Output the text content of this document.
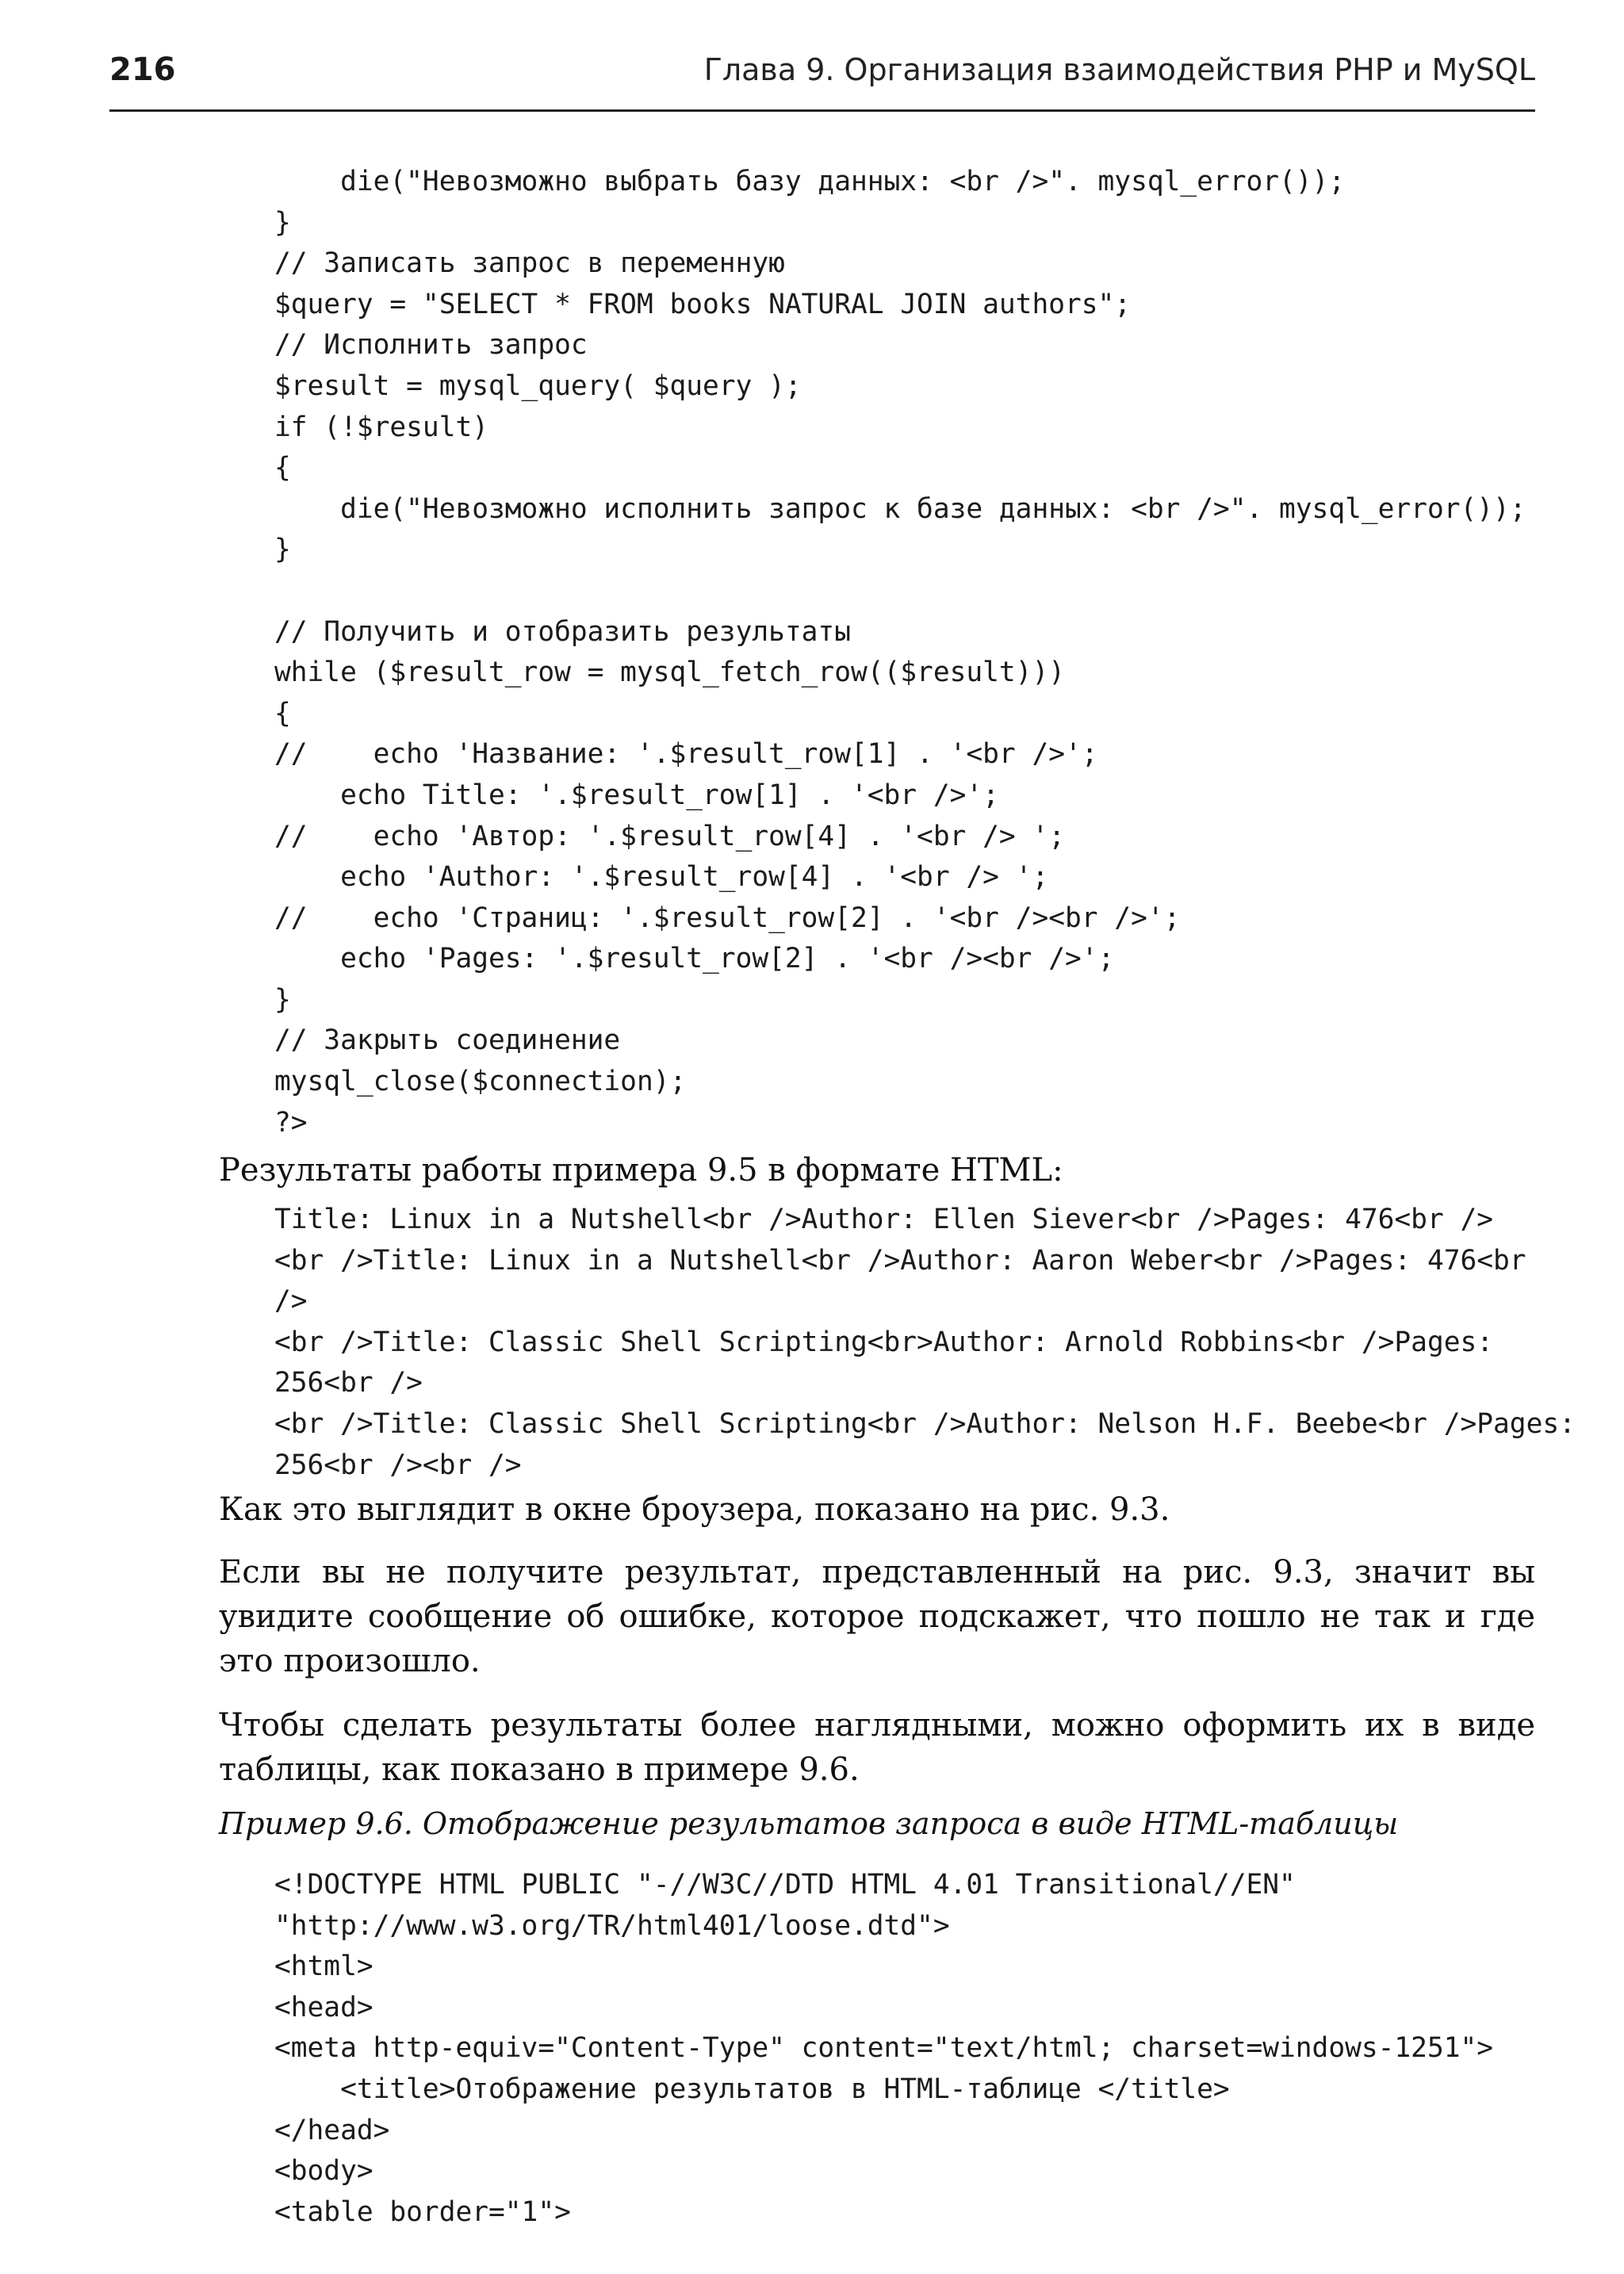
216	Глава 9. Организация взаимодействия PHP и MySQL
die("Невозможно выбрать базу данных: <br />". mysql_error());
}
// Записать запрос в переменную
$query = "SELECT * FROM books NATURAL JOIN authors";
// Исполнить запрос
$result = mysql_query( $query );
if (!$result)
{
die("Невозможно исполнить запрос к базе данных: <br />". mysql_error());
}
// Получить и отобразить результаты
while ($result_row = mysql_fetch_row(($result)))
{
//    echo 'Название: '.$result_row[1] . '<br />';
echo Title: '.$result_row[1] . '<br />';
//    echo 'Автор: '.$result_row[4] . '<br /> ';
echo 'Author: '.$result_row[4] . '<br /> ';
//    echo 'Страниц: '.$result_row[2] . '<br /><br />';
echo 'Pages: '.$result_row[2] . '<br /><br />';
}
// Закрыть соединение
mysql_close($connection);
?>

Результаты работы примера 9.5 в формате HTML:

Title: Linux in a Nutshell<br />Author: Ellen Siever<br />Pages: 476<br />
<br />Title: Linux in a Nutshell<br />Author: Aaron Weber<br />Pages: 476<br
/>
<br />Title: Classic Shell Scripting<br>Author: Arnold Robbins<br />Pages:
256<br />
<br />Title: Classic Shell Scripting<br />Author: Nelson H.F. Beebe<br />Pages:
256<br /><br />

Как это выглядит в окне броузера, показано на рис. 9.3.

Если вы не получите результат, представленный на рис. 9.3, значит вы увидите сообщение об ошибке, которое подскажет, что пошло не так и где это произошло.

Чтобы сделать результаты более наглядными, можно оформить их в виде таблицы, как показано в примере 9.6.

Пример 9.6. Отображение результатов запроса в виде HTML-таблицы
<!DOCTYPE HTML PUBLIC "-//W3C//DTD HTML 4.01 Transitional//EN"
"http://www.w3.org/TR/html401/loose.dtd">
<html>
<head>
<meta http-equiv="Content-Type" content="text/html; charset=windows-1251">
<title>Отображение результатов в HTML-таблице </title>
</head>
<body>
<table border="1">
